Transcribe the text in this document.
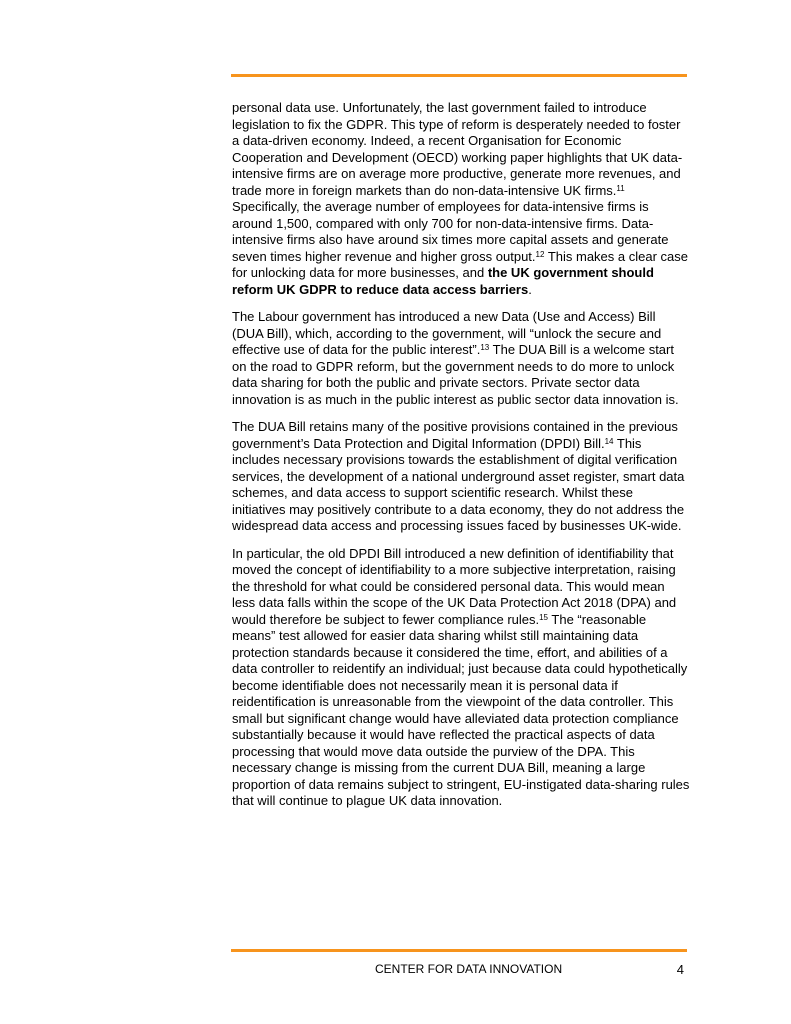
personal data use. Unfortunately, the last government failed to introduce legislation to fix the GDPR. This type of reform is desperately needed to foster a data-driven economy. Indeed, a recent Organisation for Economic Cooperation and Development (OECD) working paper highlights that UK data-intensive firms are on average more productive, generate more revenues, and trade more in foreign markets than do non-data-intensive UK firms.$^{11}$ Specifically, the average number of employees for data-intensive firms is around 1,500, compared with only 700 for non-data-intensive firms. Data-intensive firms also have around six times more capital assets and generate seven times higher revenue and higher gross output.$^{12}$ This makes a clear case for unlocking data for more businesses, and the UK government should reform UK GDPR to reduce data access barriers.

The Labour government has introduced a new Data (Use and Access) Bill (DUA Bill), which, according to the government, will “unlock the secure and effective use of data for the public interest”.$^{13}$ The DUA Bill is a welcome start on the road to GDPR reform, but the government needs to do more to unlock data sharing for both the public and private sectors. Private sector data innovation is as much in the public interest as public sector data innovation is.

The DUA Bill retains many of the positive provisions contained in the previous government’s Data Protection and Digital Information (DPDI) Bill.$^{14}$ This includes necessary provisions towards the establishment of digital verification services, the development of a national underground asset register, smart data schemes, and data access to support scientific research. Whilst these initiatives may positively contribute to a data economy, they do not address the widespread data access and processing issues faced by businesses UK-wide.

In particular, the old DPDI Bill introduced a new definition of identifiability that moved the concept of identifiability to a more subjective interpretation, raising the threshold for what could be considered personal data. This would mean less data falls within the scope of the UK Data Protection Act 2018 (DPA) and would therefore be subject to fewer compliance rules.$^{15}$ The “reasonable means” test allowed for easier data sharing whilst still maintaining data protection standards because it considered the time, effort, and abilities of a data controller to reidentify an individual; just because data could hypothetically become identifiable does not necessarily mean it is personal data if reidentification is unreasonable from the viewpoint of the data controller. This small but significant change would have alleviated data protection compliance substantially because it would have reflected the practical aspects of data processing that would move data outside the purview of the DPA. This necessary change is missing from the current DUA Bill, meaning a large proportion of data remains subject to stringent, EU-instigated data-sharing rules that will continue to plague UK data innovation.

CENTER FOR DATA INNOVATION	4
